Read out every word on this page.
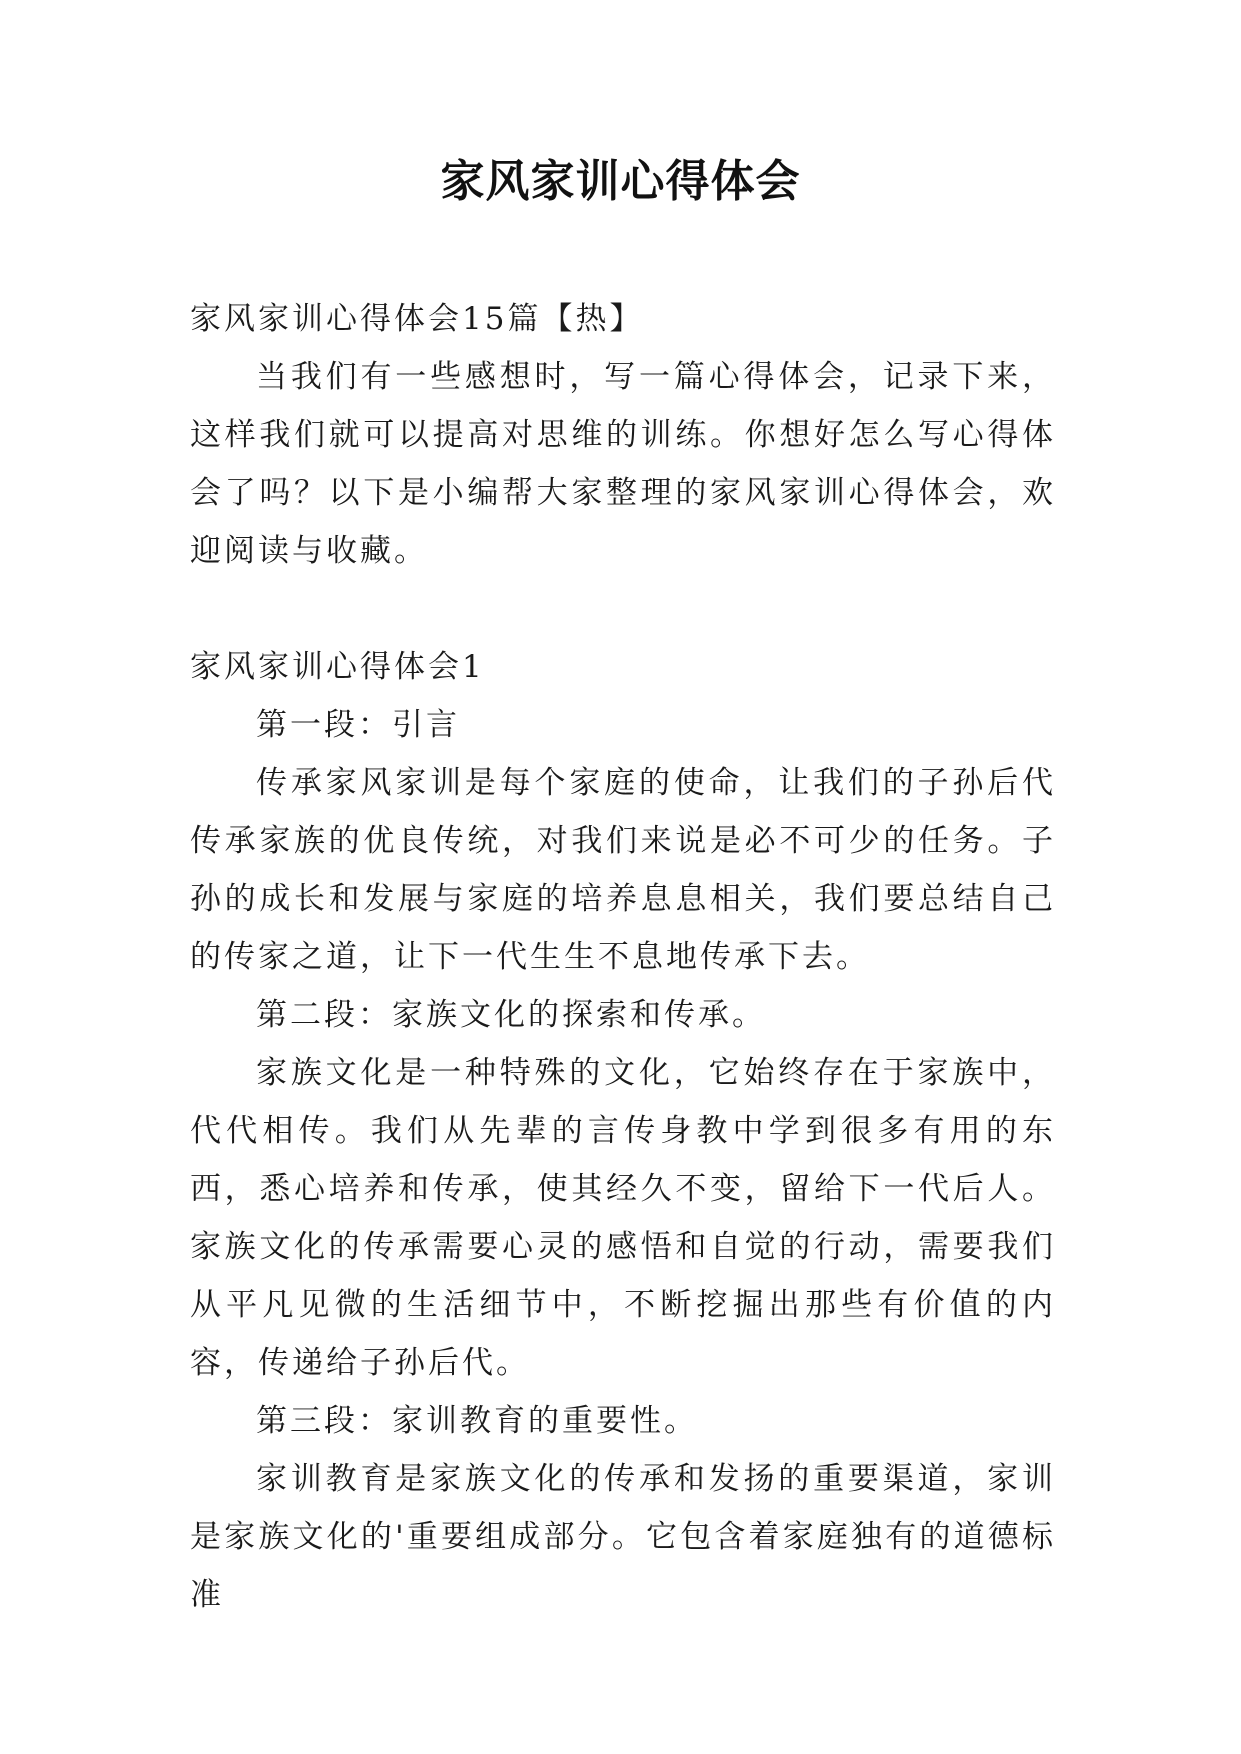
家风家训心得体会

家风家训心得体会15篇【热】

当我们有一些感想时，写一篇心得体会，记录下来，这样我们就可以提高对思维的训练。你想好怎么写心得体会了吗？以下是小编帮大家整理的家风家训心得体会，欢迎阅读与收藏。

家风家训心得体会1

第一段：引言

传承家风家训是每个家庭的使命，让我们的子孙后代传承家族的优良传统，对我们来说是必不可少的任务。子孙的成长和发展与家庭的培养息息相关，我们要总结自己的传家之道，让下一代生生不息地传承下去。

第二段：家族文化的探索和传承。

家族文化是一种特殊的文化，它始终存在于家族中，代代相传。我们从先辈的言传身教中学到很多有用的东西，悉心培养和传承，使其经久不变，留给下一代后人。家族文化的传承需要心灵的感悟和自觉的行动，需要我们从平凡见微的生活细节中，不断挖掘出那些有价值的内容，传递给子孙后代。

第三段：家训教育的重要性。

家训教育是家族文化的传承和发扬的重要渠道，家训是家族文化的'重要组成部分。它包含着家庭独有的道德标准
